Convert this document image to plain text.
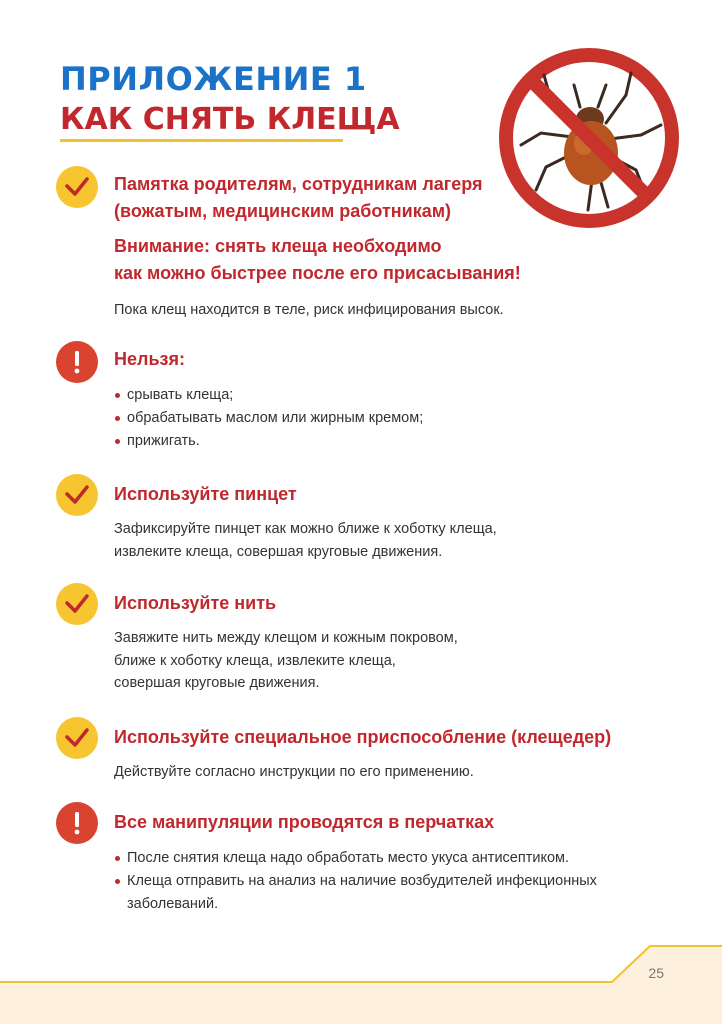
ПРИЛОЖЕНИЕ 1
КАК СНЯТЬ КЛЕЩА

Памятка родителям, сотрудникам лагеря
(вожатым, медицинским работникам)

Внимание: снять клеща необходимо
как можно быстрее после его присасывания!

Пока клещ находится в теле, риск инфицирования высок.

Нельзя:

срывать клеща;
обрабатывать маслом или жирным кремом;
прижигать.

Используйте пинцет

Зафиксируйте пинцет как можно ближе к хоботку клеща,
извлеките клеща, совершая круговые движения.

Используйте нить

Завяжите нить между клещом и кожным покровом,
ближе к хоботку клеща, извлеките клеща,
совершая круговые движения.

Используйте специальное приспособление (клещедер)

Действуйте согласно инструкции по его применению.

Все манипуляции проводятся в перчатках

После снятия клеща надо обработать место укуса антисептиком.
Клеща отправить на анализ на наличие возбудителей инфекционных
заболеваний.
25
